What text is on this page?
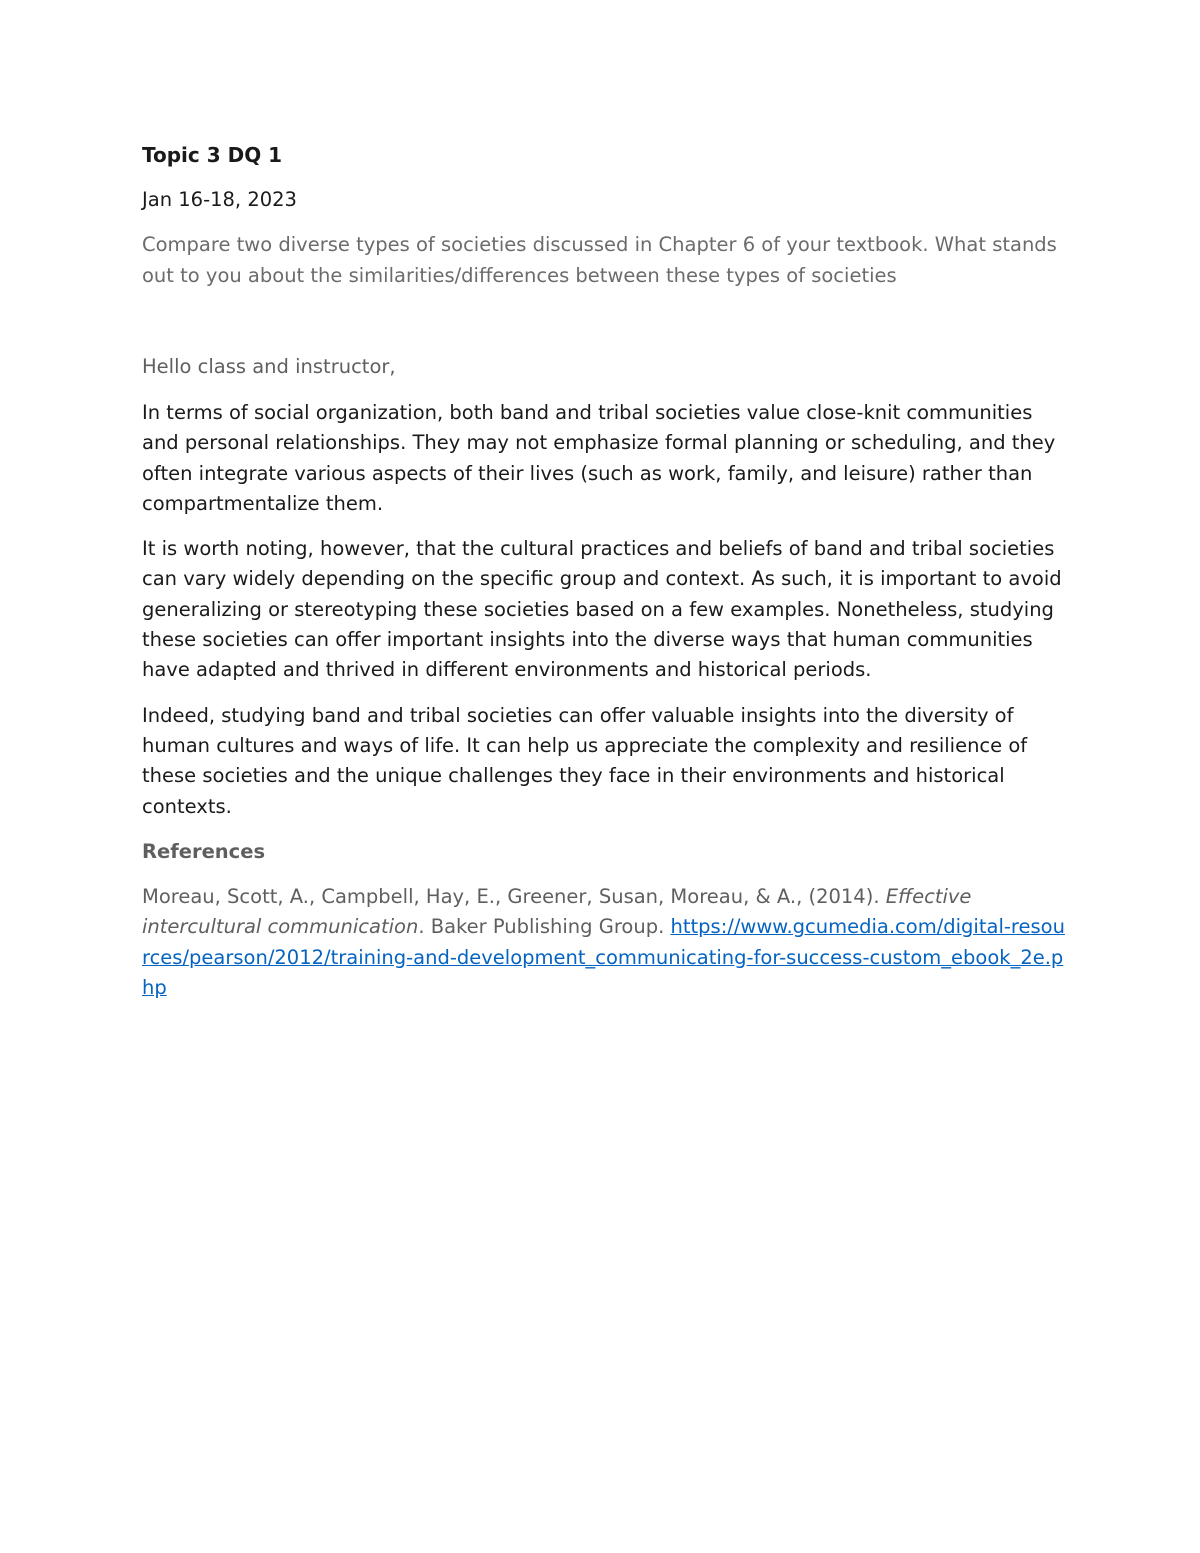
Topic 3 DQ 1
Jan 16-18, 2023
Compare two diverse types of societies discussed in Chapter 6 of your textbook. What stands out to you about the similarities/differences between these types of societies
Hello class and instructor,
In terms of social organization, both band and tribal societies value close-knit communities and personal relationships. They may not emphasize formal planning or scheduling, and they often integrate various aspects of their lives (such as work, family, and leisure) rather than compartmentalize them.
It is worth noting, however, that the cultural practices and beliefs of band and tribal societies can vary widely depending on the specific group and context. As such, it is important to avoid generalizing or stereotyping these societies based on a few examples. Nonetheless, studying these societies can offer important insights into the diverse ways that human communities have adapted and thrived in different environments and historical periods.
Indeed, studying band and tribal societies can offer valuable insights into the diversity of human cultures and ways of life. It can help us appreciate the complexity and resilience of these societies and the unique challenges they face in their environments and historical contexts.
References
Moreau, Scott, A., Campbell, Hay, E., Greener, Susan, Moreau, & A., (2014). Effective intercultural communication. Baker Publishing Group. https://www.gcumedia.com/digital-resources/pearson/2012/training-and-development_communicating-for-success-custom_ebook_2e.php
